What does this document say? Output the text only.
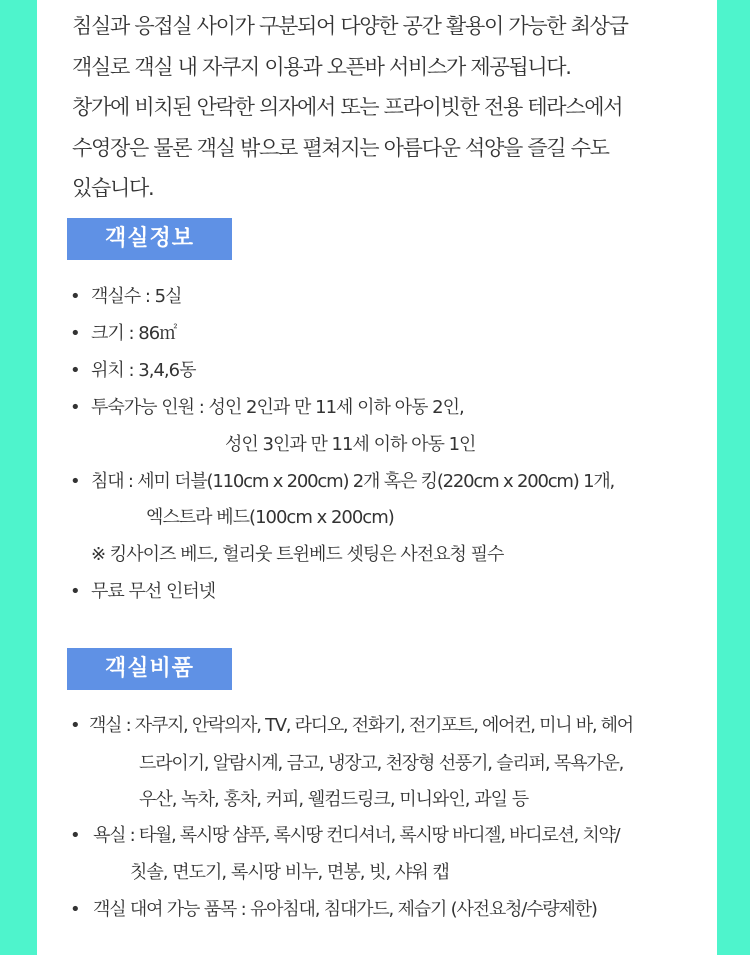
침실과 응접실 사이가 구분되어 다양한 공간 활용이 가능한 최상급
객실로 객실 내 자쿠지 이용과 오픈바 서비스가 제공됩니다.
창가에 비치된 안락한 의자에서 또는 프라이빗한 전용 테라스에서
수영장은 물론 객실 밖으로 펼쳐지는 아름다운 석양을 즐길 수도
있습니다.

객실정보
• 객실수 : 5실
• 크기 : 86㎡
• 위치 : 3,4,6동
• 투숙가능 인원 : 성인 2인과 만 11세 이하 아동 2인,
성인 3인과 만 11세 이하 아동 1인
• 침대 : 세미 더블(110cm x 200cm) 2개 혹은 킹(220cm x 200cm) 1개,
엑스트라 베드(100cm x 200cm)
※ 킹사이즈 베드, 헐리웃 트윈베드 셋팅은 사전요청 필수
• 무료 무선 인터넷
객실비품
• 객실 : 자쿠지, 안락의자, TV, 라디오, 전화기, 전기포트, 에어컨, 미니 바, 헤어
드라이기, 알람시계, 금고, 냉장고, 천장형 선풍기, 슬리퍼, 목욕가운,
우산, 녹차, 홍차, 커피, 웰컴드링크, 미니와인, 과일 등
• 욕실 : 타월, 록시땅 샴푸, 록시땅 컨디셔너, 록시땅 바디젤, 바디로션, 치약/
칫솔, 면도기, 록시땅 비누, 면봉, 빗, 샤워 캡
• 객실 대여 가능 품목 : 유아침대, 침대가드, 제습기 (사전요청/수량제한)
